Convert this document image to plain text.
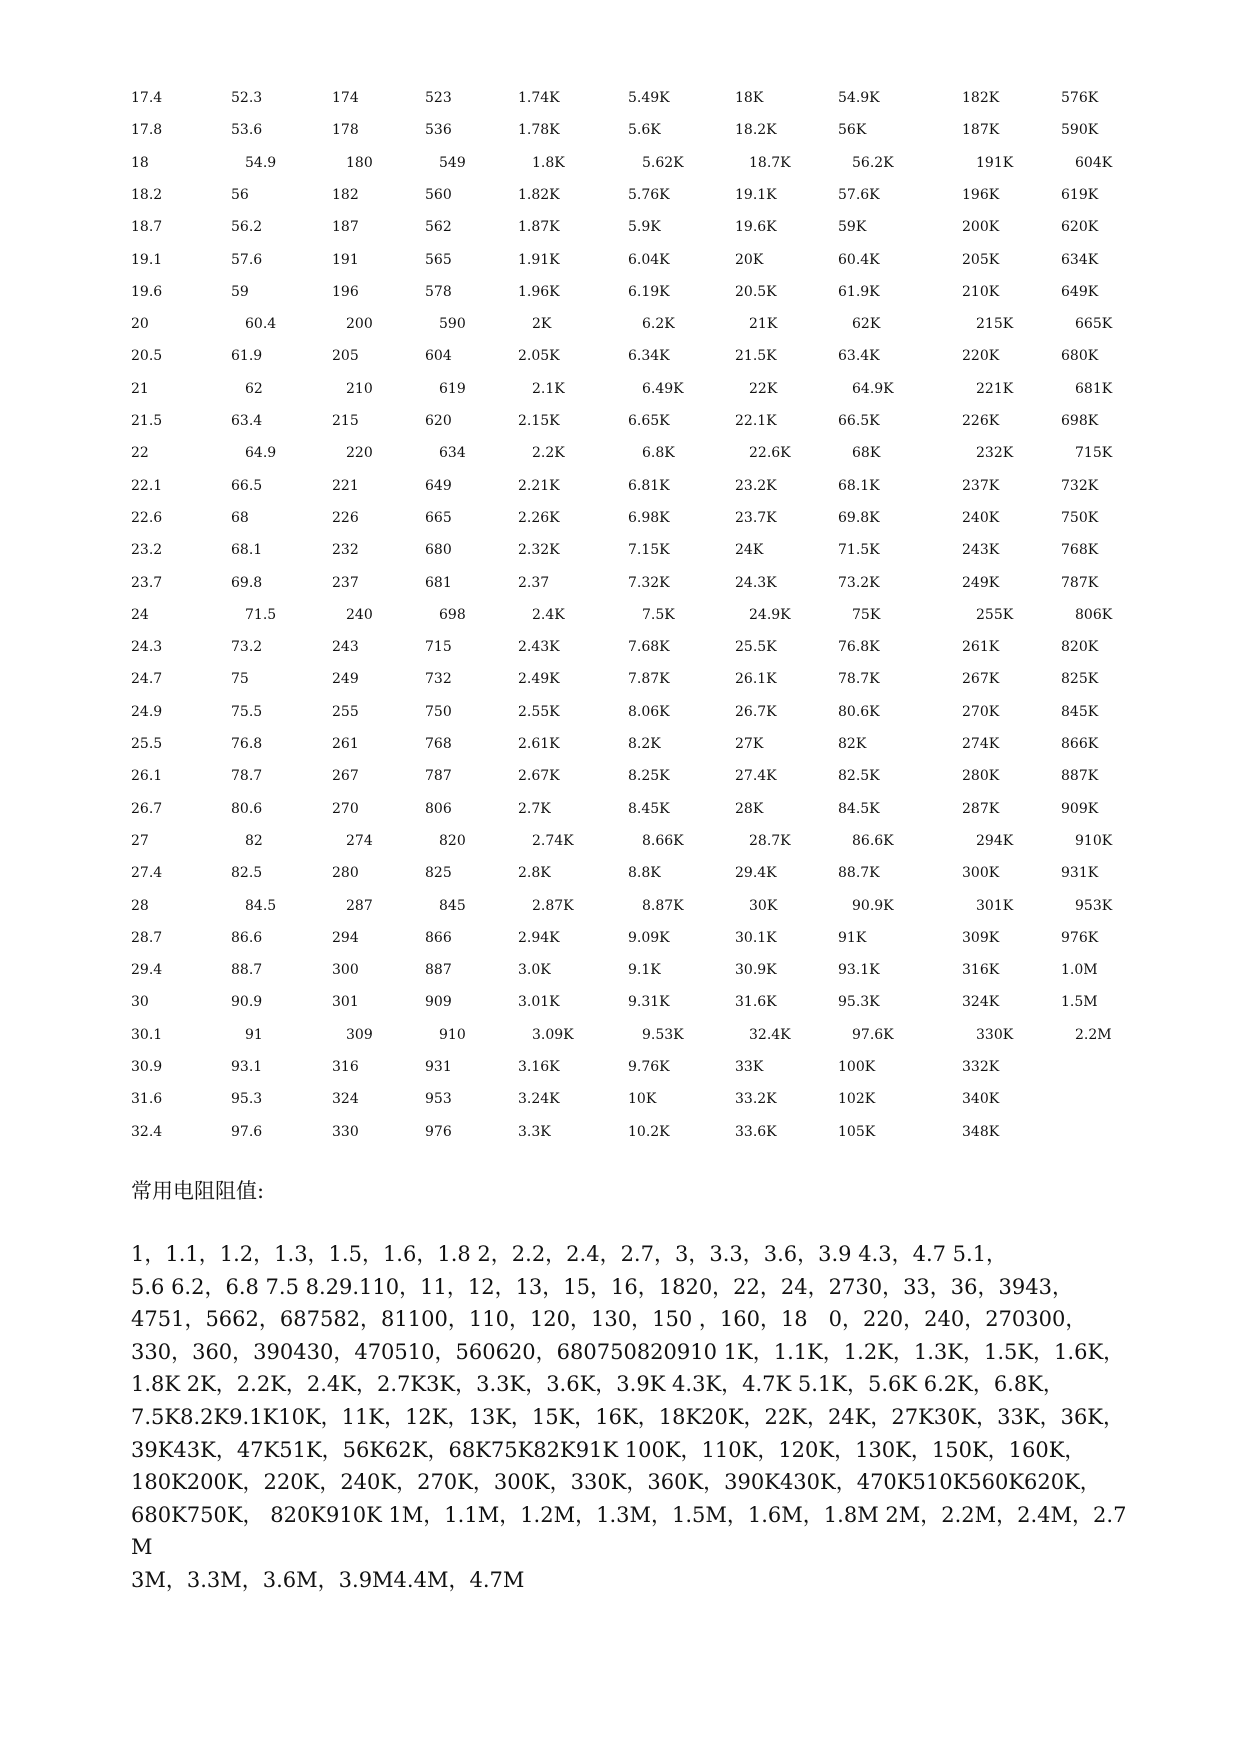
17.4	52.3	174	523	1.74K	5.49K	18K	54.9K	182K	576K
17.8	53.6	178	536	1.78K	5.6K	18.2K	56K	187K	590K
18	54.9	180	549	1.8K	5.62K	18.7K	56.2K	191K	604K
18.2	56	182	560	1.82K	5.76K	19.1K	57.6K	196K	619K
18.7	56.2	187	562	1.87K	5.9K	19.6K	59K	200K	620K
19.1	57.6	191	565	1.91K	6.04K	20K	60.4K	205K	634K
19.6	59	196	578	1.96K	6.19K	20.5K	61.9K	210K	649K
20	60.4	200	590	2K	6.2K	21K	62K	215K	665K
20.5	61.9	205	604	2.05K	6.34K	21.5K	63.4K	220K	680K
21	62	210	619	2.1K	6.49K	22K	64.9K	221K	681K
21.5	63.4	215	620	2.15K	6.65K	22.1K	66.5K	226K	698K
22	64.9	220	634	2.2K	6.8K	22.6K	68K	232K	715K
22.1	66.5	221	649	2.21K	6.81K	23.2K	68.1K	237K	732K
22.6	68	226	665	2.26K	6.98K	23.7K	69.8K	240K	750K
23.2	68.1	232	680	2.32K	7.15K	24K	71.5K	243K	768K
23.7	69.8	237	681	2.37	7.32K	24.3K	73.2K	249K	787K
24	71.5	240	698	2.4K	7.5K	24.9K	75K	255K	806K
24.3	73.2	243	715	2.43K	7.68K	25.5K	76.8K	261K	820K
24.7	75	249	732	2.49K	7.87K	26.1K	78.7K	267K	825K
24.9	75.5	255	750	2.55K	8.06K	26.7K	80.6K	270K	845K
25.5	76.8	261	768	2.61K	8.2K	27K	82K	274K	866K
26.1	78.7	267	787	2.67K	8.25K	27.4K	82.5K	280K	887K
26.7	80.6	270	806	2.7K	8.45K	28K	84.5K	287K	909K
27	82	274	820	2.74K	8.66K	28.7K	86.6K	294K	910K
27.4	82.5	280	825	2.8K	8.8K	29.4K	88.7K	300K	931K
28	84.5	287	845	2.87K	8.87K	30K	90.9K	301K	953K
28.7	86.6	294	866	2.94K	9.09K	30.1K	91K	309K	976K
29.4	88.7	300	887	3.0K	9.1K	30.9K	93.1K	316K	1.0M
30	90.9	301	909	3.01K	9.31K	31.6K	95.3K	324K	1.5M
30.1	91	309	910	3.09K	9.53K	32.4K	97.6K	330K	2.2M
30.9	93.1	316	931	3.16K	9.76K	33K	100K	332K
31.6	95.3	324	953	3.24K	10K	33.2K	102K	340K
32.4	97.6	330	976	3.3K	10.2K	33.6K	105K	348K
常用电阻阻值:
1，1.1，1.2，1.3，1.5，1.6，1.8 2，2.2，2.4，2.7，3，3.3，3.6，3.9 4.3，4.7 5.1，
5.6 6.2，6.8 7.5 8.29.110，11，12，13，15，16，1820，22，24，2730，33，36，3943，
4751，5662，687582，81100，110，120，130，150 ，160，18　0，220，240，270300，
330，360，390430，470510，560620，680750820910 1K，1.1K，1.2K，1.3K，1.5K，1.6K，
1.8K 2K，2.2K，2.4K，2.7K3K，3.3K，3.6K，3.9K 4.3K，4.7K 5.1K，5.6K 6.2K，6.8K，
7.5K8.2K9.1K10K，11K，12K，13K，15K，16K，18K20K，22K，24K，27K30K，33K，36K，
39K43K，47K51K，56K62K，68K75K82K91K 100K，110K，120K，130K，150K，160K，
180K200K，220K，240K，270K，300K，330K，360K，390K430K，470K510K560K620K，
680K750K， 820K910K 1M，1.1M，1.2M，1.3M，1.5M，1.6M，1.8M 2M，2.2M，2.4M，2.7M
3M，3.3M，3.6M，3.9M4.4M，4.7M
